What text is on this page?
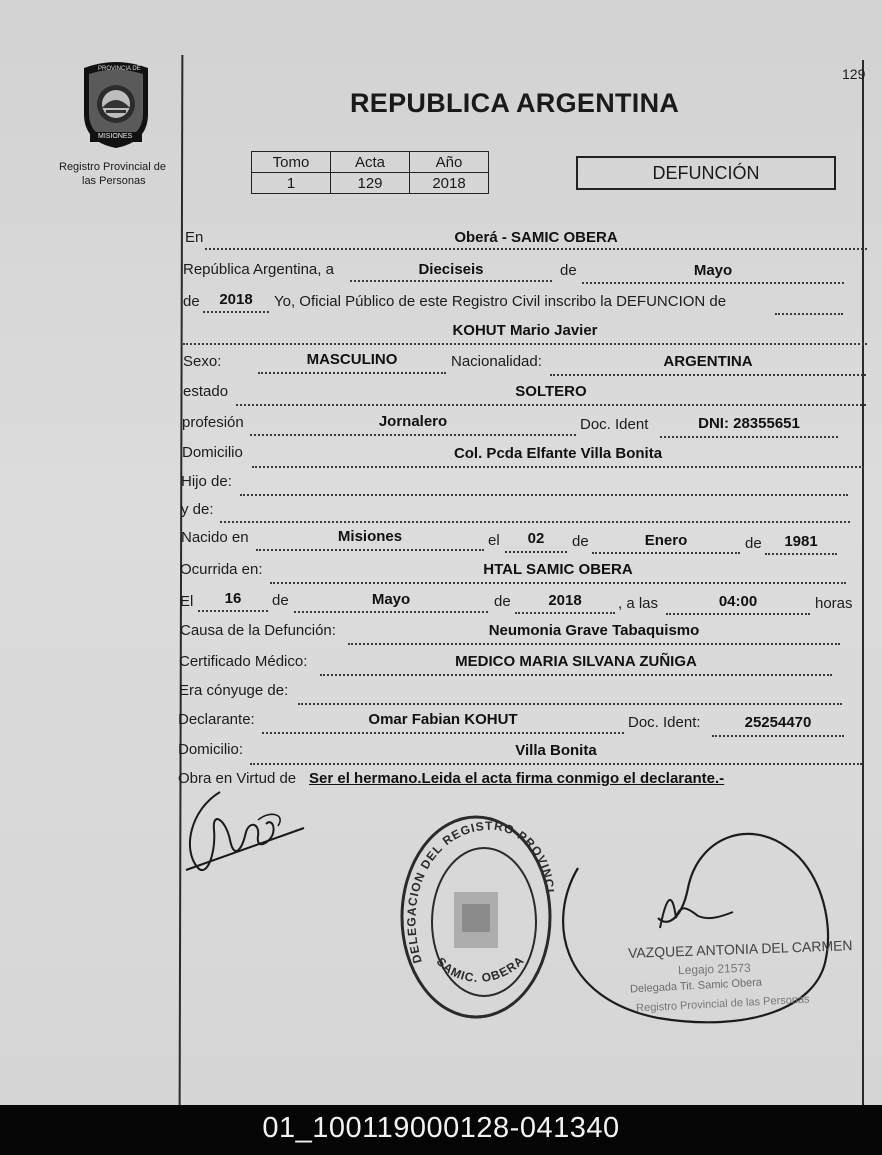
129
PROVINCIA DE
MISIONES
Registro Provincial de
las Personas
REPUBLICA ARGENTINA
Tomo	Acta	Año
1	129	2018	DEFUNCIÓN
En	Oberá - SAMIC OBERA
República Argentina, a	Dieciseis	de	Mayo
de	2018	Yo, Oficial Público de este Registro Civil inscribo la DEFUNCION de
KOHUT Mario Javier
Sexo:	MASCULINO	Nacionalidad:	ARGENTINA
estado	SOLTERO
profesión	Jornalero	Doc. Ident	DNI: 28355651
Domicilio	Col. Pcda Elfante Villa Bonita
Hijo de:
y de:
Nacido en	Misiones	el	02	de	Enero	de	1981
Ocurrida en:	HTAL SAMIC OBERA
El	16	de	Mayo	de	2018	, a las	04:00	horas
Causa de la Defunción:	Neumonia Grave Tabaquismo
Certificado Médico:	MEDICO MARIA SILVANA ZUÑIGA
Era cónyuge de:
Declarante:	Omar Fabian KOHUT	Doc. Ident:	25254470
Domicilio:	Villa Bonita
Obra en Virtud de Ser el hermano.Leida el acta firma conmigo el declarante.-
DELEGACION DEL REGISTRO PROVINCI
SAMIC. OBERA
VAZQUEZ ANTONIA DEL CARMEN
Legajo 21573
Delegada Tit. Samic Obera
Registro Provincial de las Personas
01_100119000128-041340
